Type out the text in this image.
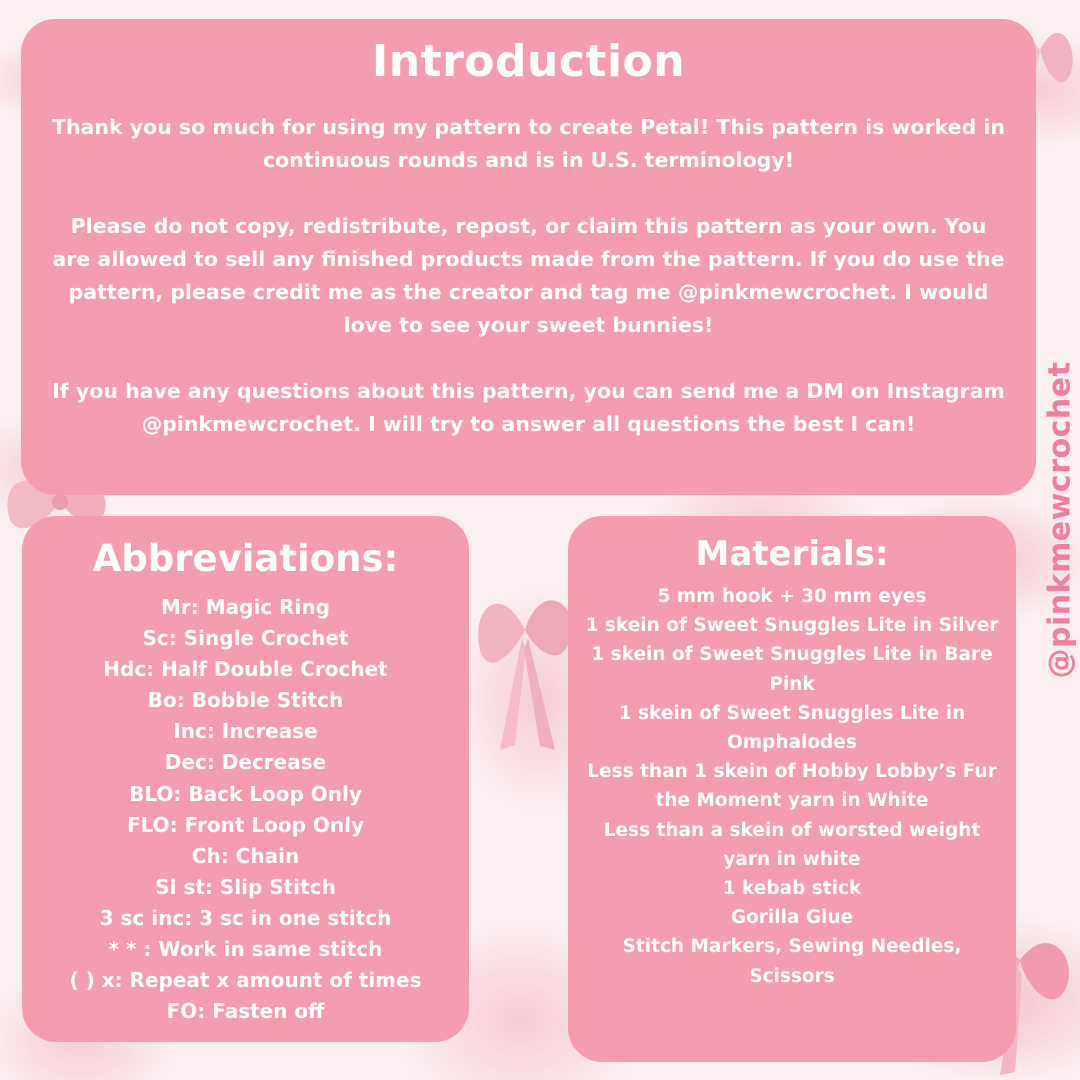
Introduction

Thank you so much for using my pattern to create Petal! This pattern is worked in continuous rounds and is in U.S. terminology!

Please do not copy, redistribute, repost, or claim this pattern as your own. You are allowed to sell any finished products made from the pattern. If you do use the pattern, please credit me as the creator and tag me @pinkmewcrochet. I would love to see your sweet bunnies!

If you have any questions about this pattern, you can send me a DM on Instagram @pinkmewcrochet. I will try to answer all questions the best I can!

Abbreviations:
Mr: Magic Ring
Sc: Single Crochet
Hdc: Half Double Crochet
Bo: Bobble Stitch
Inc: Increase
Dec: Decrease
BLO: Back Loop Only
FLO: Front Loop Only
Ch: Chain
Sl st: Slip Stitch
3 sc inc: 3 sc in one stitch
* * : Work in same stitch
( ) x: Repeat x amount of times
FO: Fasten off
Materials:
5 mm hook + 30 mm eyes
1 skein of Sweet Snuggles Lite in Silver
1 skein of Sweet Snuggles Lite in Bare Pink
1 skein of Sweet Snuggles Lite in Omphalodes
Less than 1 skein of Hobby Lobby’s Fur the Moment yarn in White
Less than a skein of worsted weight yarn in white
1 kebab stick
Gorilla Glue
Stitch Markers, Sewing Needles, Scissors
@pinkmewcrochet
